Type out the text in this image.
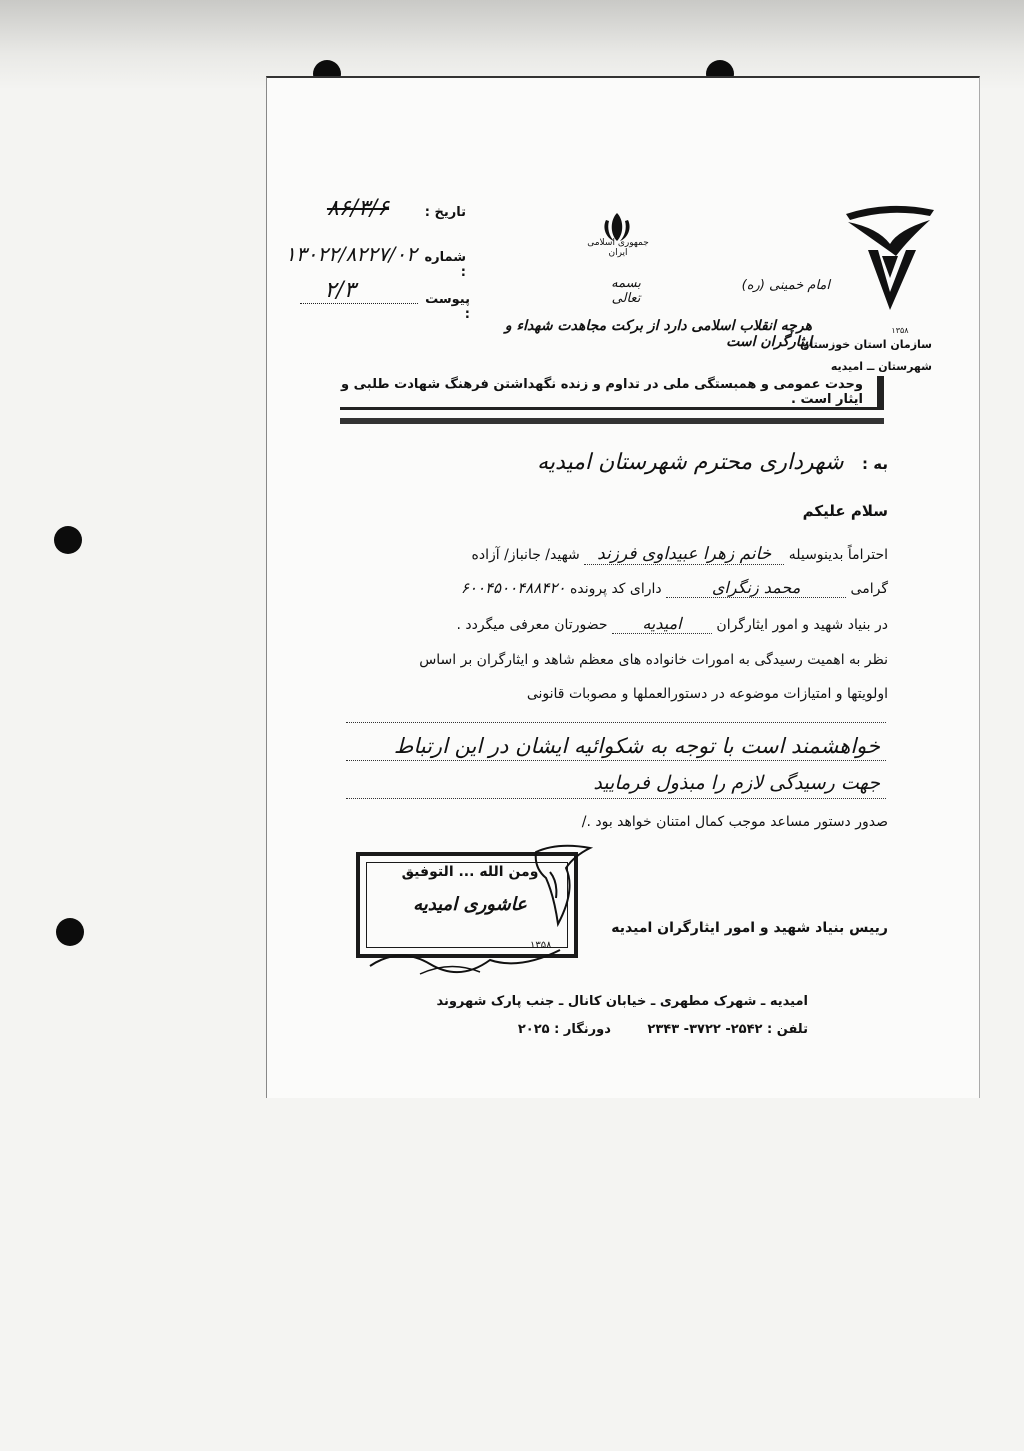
۱۳۵۸
سازمان استان خوزستان
شهرستان ــ امیدیه
جمهوری اسلامی ایران
بسمه تعالی
امام خمینی (ره)
هرچه انقلاب اسلامی دارد از برکت مجاهدت شهداء و ایثارگران است
تاریخ :
۸۶/۳/۶
شماره :
۱۳۰۲۲/۸۲۲۷/۰۲
پیوست :
۲/۳
وحدت عمومی و همبستگی ملی در تداوم و زنده نگهداشتن فرهنگ شهادت طلبی و ایثار است .
به : شهرداری محترم شهرستان امیدیه
سلام علیکم
احتراماً بدینوسیله خانم زهرا عبیداوی فرزند شهید/ جانباز/ آزاده
گرامی محمد زنگرای دارای کد پرونده ۶۰۰۴۵۰۰۴۸۸۴۲۰
در بنیاد شهید و امور ایثارگران امیدیه حضورتان معرفی میگردد .
نظر به اهمیت رسیدگی به امورات خانواده های معظم شاهد و ایثارگران بر اساس
اولویتها و امتیازات موضوعه در دستورالعملها و مصوبات قانونی
خواهشمند است با توجه به شکوائیه ایشان در این ارتباط
جهت رسیدگی لازم را مبذول فرمایید
صدور دستور مساعد موجب کمال امتنان خواهد بود ./
ومن الله ... التوفیق
عاشوری امیدیه
۱۳۵۸
رییس بنیاد شهید و امور ایثارگران امیدیه
امیدیه ـ شهرک مطهری ـ خیابان کانال ـ جنب پارک شهروند
تلفن : ۲۵۴۲- ۳۷۲۲- ۲۳۴۳ دورنگار : ۲۰۲۵
